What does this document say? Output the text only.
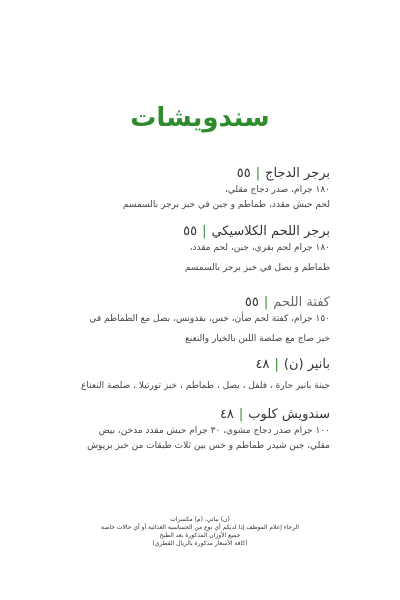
سندويشات
برجر الدجاج|٥٥
١٨٠ جرام، صدر دجاج مقلي،
لحم حبش مقدد، طماطم و جبن في خبز برجر بالسمسم
برجر اللحم الكلاسيكي|٥٥
١٨٠ جرام لحم بقري، جبن، لحم مقدد،
طماطم و بصل في خبز برجر بالسمسم
كفتة اللحم|٥٥
١٥٠ جرام، كفتة لحم ضأن، خس، بقدونس، بصل مع الطماطم في
خبز صاج مع صلصة اللبن بالخيار والنعنع
بانير (ن)|٤٨
جبنة بانير حارة ، فلفل ، بصل ، طماطم ، خبز تورتيلا ، صلصة النعناع
سندويش كلوب|٤٨
١٠٠ جرام صدر دجاج مشوي، ٣٠ جرام حبش مقدد مدخن، بيض
مقلي، جبن شيدر طماطم و خس بين ثلاث طبقات من خبز بريوش
(ن) نباتي، (م) مكسرات
الرجاء إعلام الموظف إذا لديكم أي نوع من الحساسية الغذائية أو أي حالات خاصة
جميع الأوزان المذكورة بعد الطبخ
(كافة الأسعار مذكورة بالريال القطري)
